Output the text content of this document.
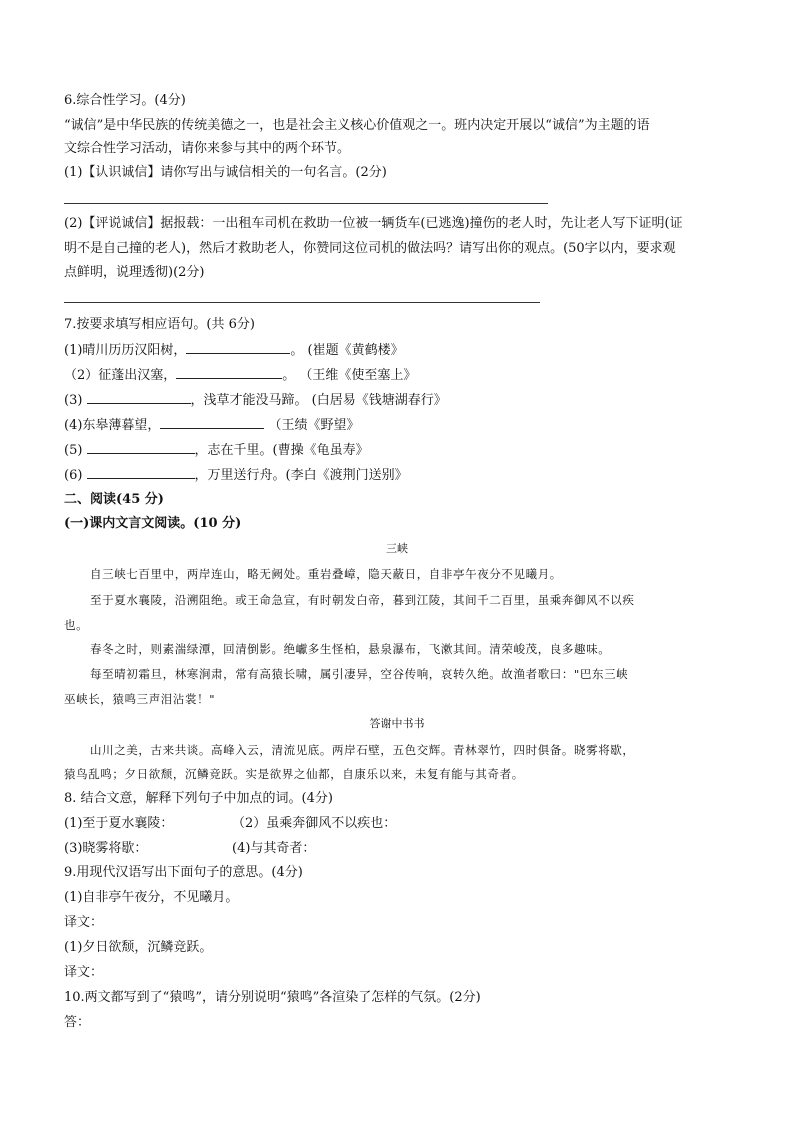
6.综合性学习。(4分)
“诚信”是中华民族的传统美德之一，也是社会主义核心价值观之一。班内决定开展以“诚信”为主题的语
文综合性学习活动，请你来参与其中的两个环节。
(1)【认识诚信】请你写出与诚信相关的一句名言。(2分)
(2)【评说诚信】据报载：一出租车司机在救助一位被一辆货车(已逃逸)撞伤的老人时，先让老人写下证明(证
明不是自己撞的老人)，然后才救助老人，你赞同这位司机的做法吗？请写出你的观点。(50字以内，要求观
点鲜明，说理透彻)(2分)
7.按要求填写相应语句。(共 6分)
(1)晴川历历汉阳树，	。 (崔题《黄鹤楼》
（2）征蓬出汉塞，	。 （王维《使至塞上》
(3)	，浅草才能没马蹄。 (白居易《钱塘湖春行》
(4)东皋薄暮望，	（王绩《野望》
(5)	，志在千里。(曹操《龟虽寿》
(6)	，万里送行舟。(李白《渡荆门送别》
二、阅读(45 分)
(一)课内文言文阅读。(10 分)
三峡
自三峡七百里中，两岸连山，略无阙处。重岩叠嶂，隐天蔽日，自非亭午夜分不见曦月。
至于夏水襄陵，沿溯阻绝。或王命急宣，有时朝发白帝，暮到江陵，其间千二百里，虽乘奔御风不以疾
也。
春冬之时，则素湍绿潭，回清倒影。绝巘多生怪柏，悬泉瀑布，飞漱其间。清荣峻茂，良多趣味。
每至晴初霜旦，林寒涧肃，常有高猿长啸，属引凄异，空谷传响，哀转久绝。故渔者歌曰："巴东三峡
巫峡长，猿鸣三声泪沾裳！"
答谢中书书
山川之美，古来共谈。高峰入云，清流见底。两岸石壁，五色交辉。青林翠竹，四时俱备。晓雾将歇，
猿鸟乱鸣；夕日欲颓，沉鳞竞跃。实是欲界之仙都，自康乐以来，未复有能与其奇者。
8. 结合文意，解释下列句子中加点的词。(4分)
(1)至于夏水襄陵：	（2）虽乘奔御风不以疾也：
(3)晓雾将歇：	(4)与其奇者：
9.用现代汉语写出下面句子的意思。(4分)
(1)自非亭午夜分，不见曦月。
译文：
(1)夕日欲颓，沉鳞竞跃。
译文：
10.两文都写到了“猿鸣”，请分别说明“猿鸣”各渲染了怎样的气氛。(2分)
答：
